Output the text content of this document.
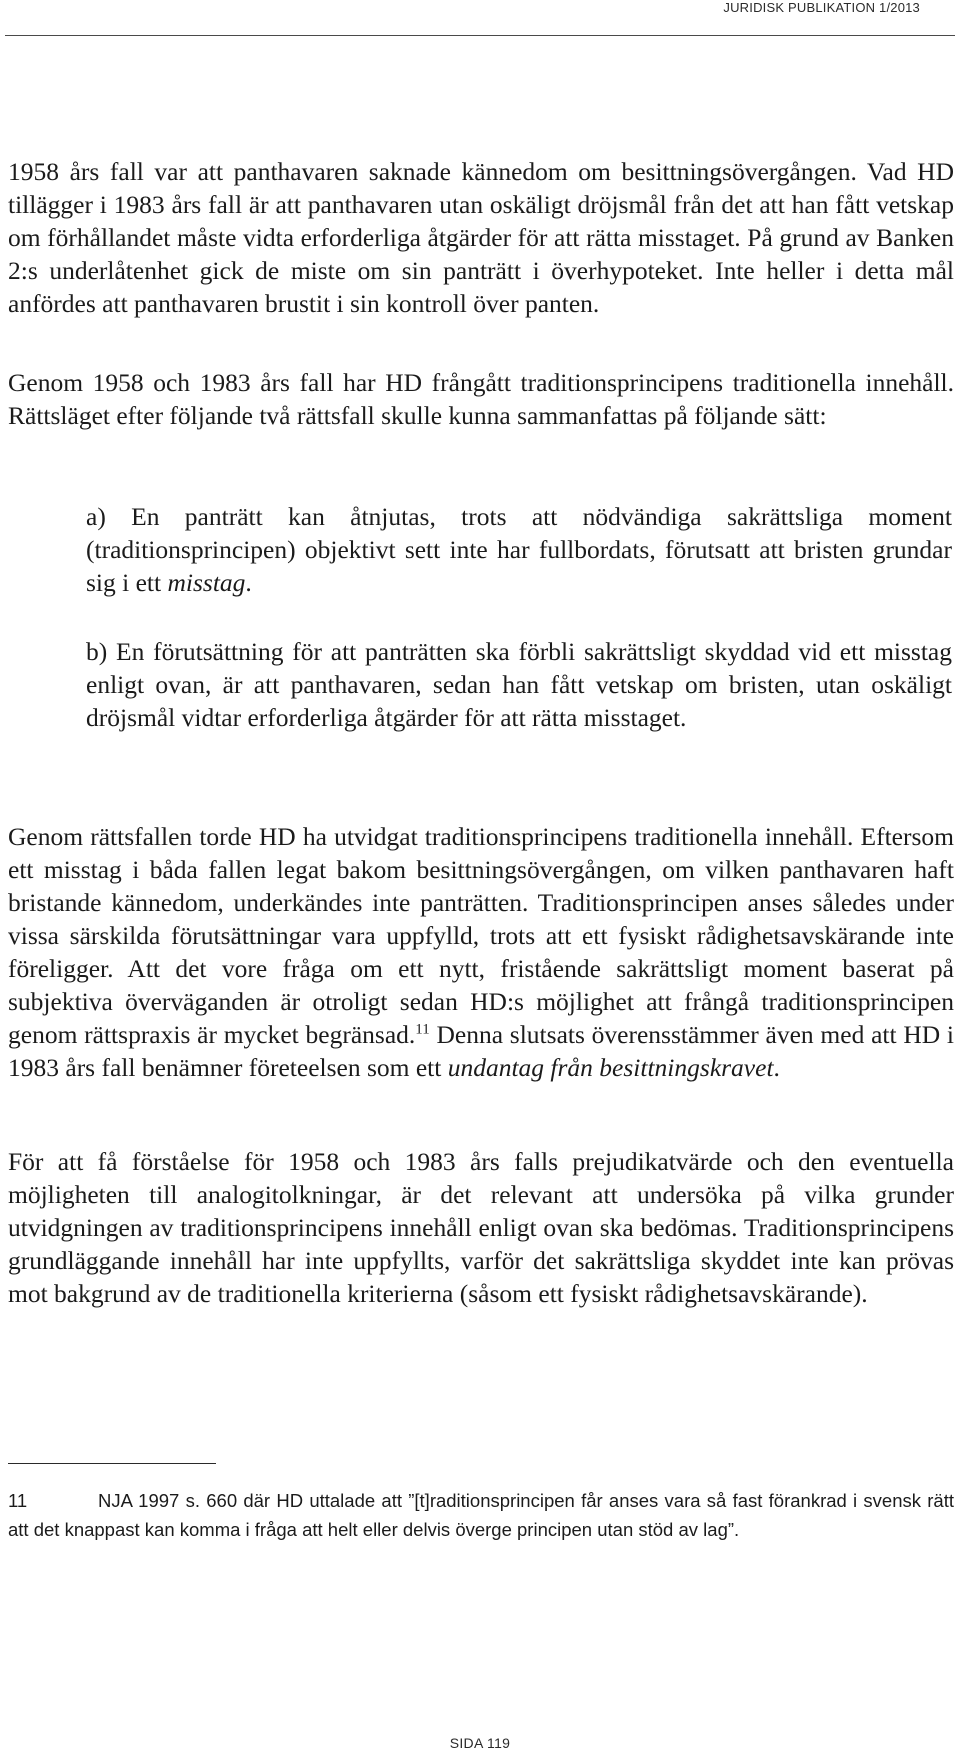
JURIDISK PUBLIKATION 1/2013

1958 års fall var att panthavaren saknade kännedom om besittningsövergången. Vad HD tillägger i 1983 års fall är att panthavaren utan oskäligt dröjsmål från det att han fått vetskap om förhållandet måste vidta erforderliga åtgärder för att rätta misstaget. På grund av Banken 2:s underlåtenhet gick de miste om sin panträtt i överhypoteket. Inte heller i detta mål anfördes att panthavaren brustit i sin kontroll över panten.

Genom 1958 och 1983 års fall har HD frångått traditionsprincipens traditionella innehåll. Rättsläget efter följande två rättsfall skulle kunna sammanfattas på följande sätt:

a) En panträtt kan åtnjutas, trots att nödvändiga sakrättsliga moment (traditionsprincipen) objektivt sett inte har fullbordats, förutsatt att bristen grundar sig i ett misstag.

b) En förutsättning för att panträtten ska förbli sakrättsligt skyddad vid ett misstag enligt ovan, är att panthavaren, sedan han fått vetskap om bristen, utan oskäligt dröjsmål vidtar erforderliga åtgärder för att rätta misstaget.

Genom rättsfallen torde HD ha utvidgat traditionsprincipens traditionella innehåll. Eftersom ett misstag i båda fallen legat bakom besittningsövergången, om vilken panthavaren haft bristande kännedom, underkändes inte panträtten. Traditionsprincipen anses således under vissa särskilda förutsättningar vara uppfylld, trots att ett fysiskt rådighetsavskärande inte föreligger. Att det vore fråga om ett nytt, fristående sakrättsligt moment baserat på subjektiva överväganden är otroligt sedan HD:s möjlighet att frångå traditionsprincipen genom rättspraxis är mycket begränsad.$^{11}$ Denna slutsats överensstämmer även med att HD i 1983 års fall benämner företeelsen som ett undantag från besittningskravet.

För att få förståelse för 1958 och 1983 års falls prejudikatvärde och den eventuella möjligheten till analogitolkningar, är det relevant att undersöka på vilka grunder utvidgningen av traditionsprincipens innehåll enligt ovan ska bedömas. Traditionsprincipens grundläggande innehåll har inte uppfyllts, varför det sakrättsliga skyddet inte kan prövas mot bakgrund av de traditionella kriterierna (såsom ett fysiskt rådighetsavskärande).

11	NJA 1997 s. 660 där HD uttalade att ”[t]raditionsprincipen får anses vara så fast förankrad i svensk rätt att det knappast kan komma i fråga att helt eller delvis överge principen utan stöd av lag”.

SIDA 119
